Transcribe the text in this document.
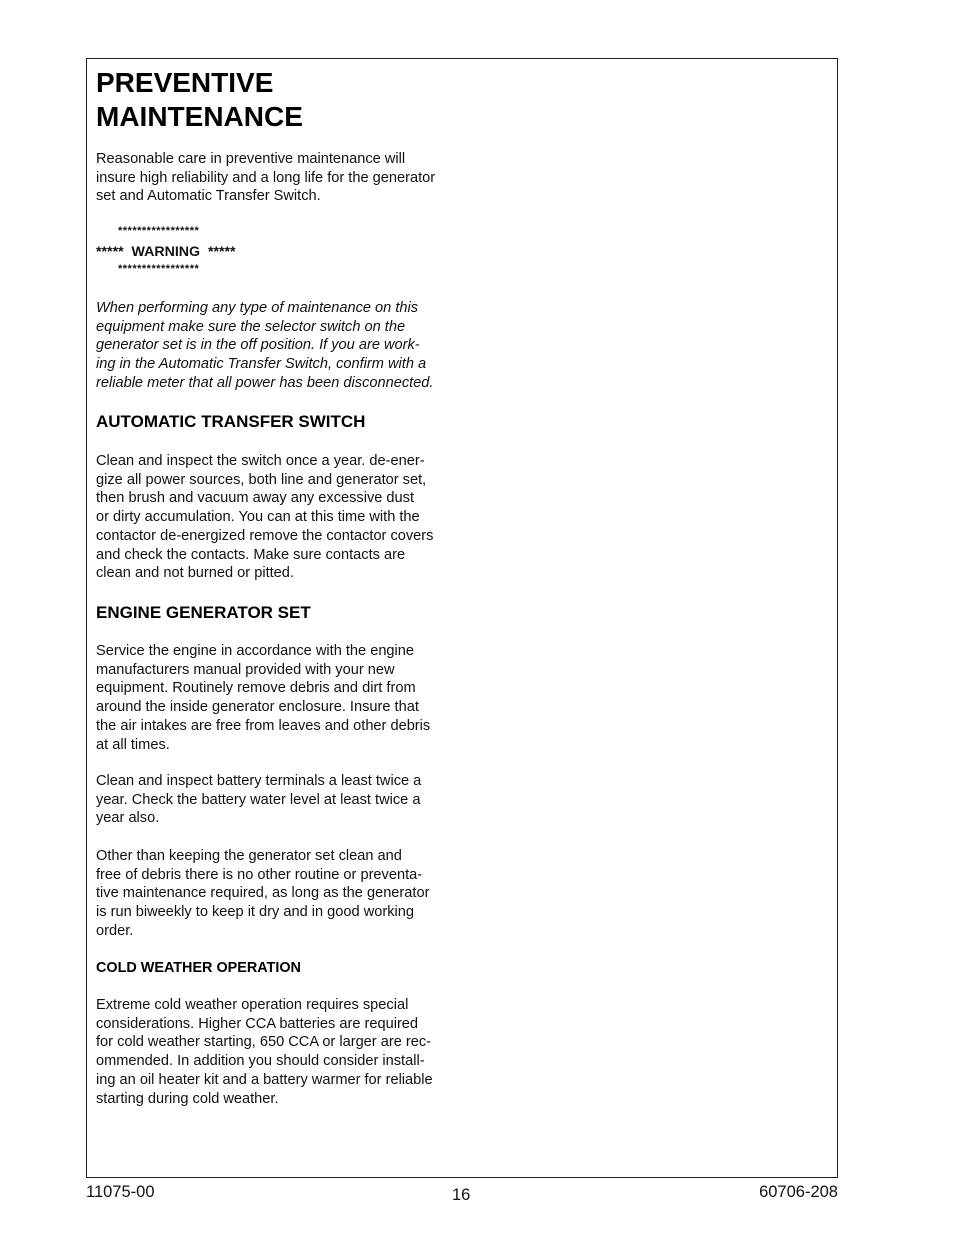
PREVENTIVE
MAINTENANCE

Reasonable care in preventive maintenance will
insure high reliability and a long life for the generator
set and Automatic Transfer Switch.

*****************
*****  WARNING  *****
*****************

When performing any type of maintenance on this
equipment make sure the selector switch on the
generator set is in the off position. If you are work-
ing in the Automatic Transfer Switch, confirm with a
reliable meter that all power has been disconnected.

AUTOMATIC TRANSFER SWITCH

Clean and inspect the switch once a year. de-ener-
gize all power sources, both line and generator set,
then brush and vacuum away any excessive dust
or dirty accumulation. You can at this time with the
contactor de-energized remove the contactor covers
and check the contacts. Make sure contacts are
clean and not burned or pitted.

ENGINE GENERATOR SET

Service the engine in accordance with the engine
manufacturers manual provided with your new
equipment. Routinely remove debris and dirt from
around the inside generator enclosure. Insure that
the air intakes are free from leaves and other debris
at all times.

Clean and inspect battery terminals a least twice a
year. Check the battery water level at least twice a
year also.

Other than keeping the generator set clean and
free of debris there is no other routine or preventa-
tive maintenance required, as long as the generator
is run biweekly to keep it dry and in good working
order.

COLD WEATHER OPERATION

Extreme cold weather operation requires special
considerations. Higher CCA batteries are required
for cold weather starting, 650 CCA or larger are rec-
ommended. In addition you should consider install-
ing an oil heater kit and a battery warmer for reliable
starting during cold weather.

11075-00	16	60706-208
